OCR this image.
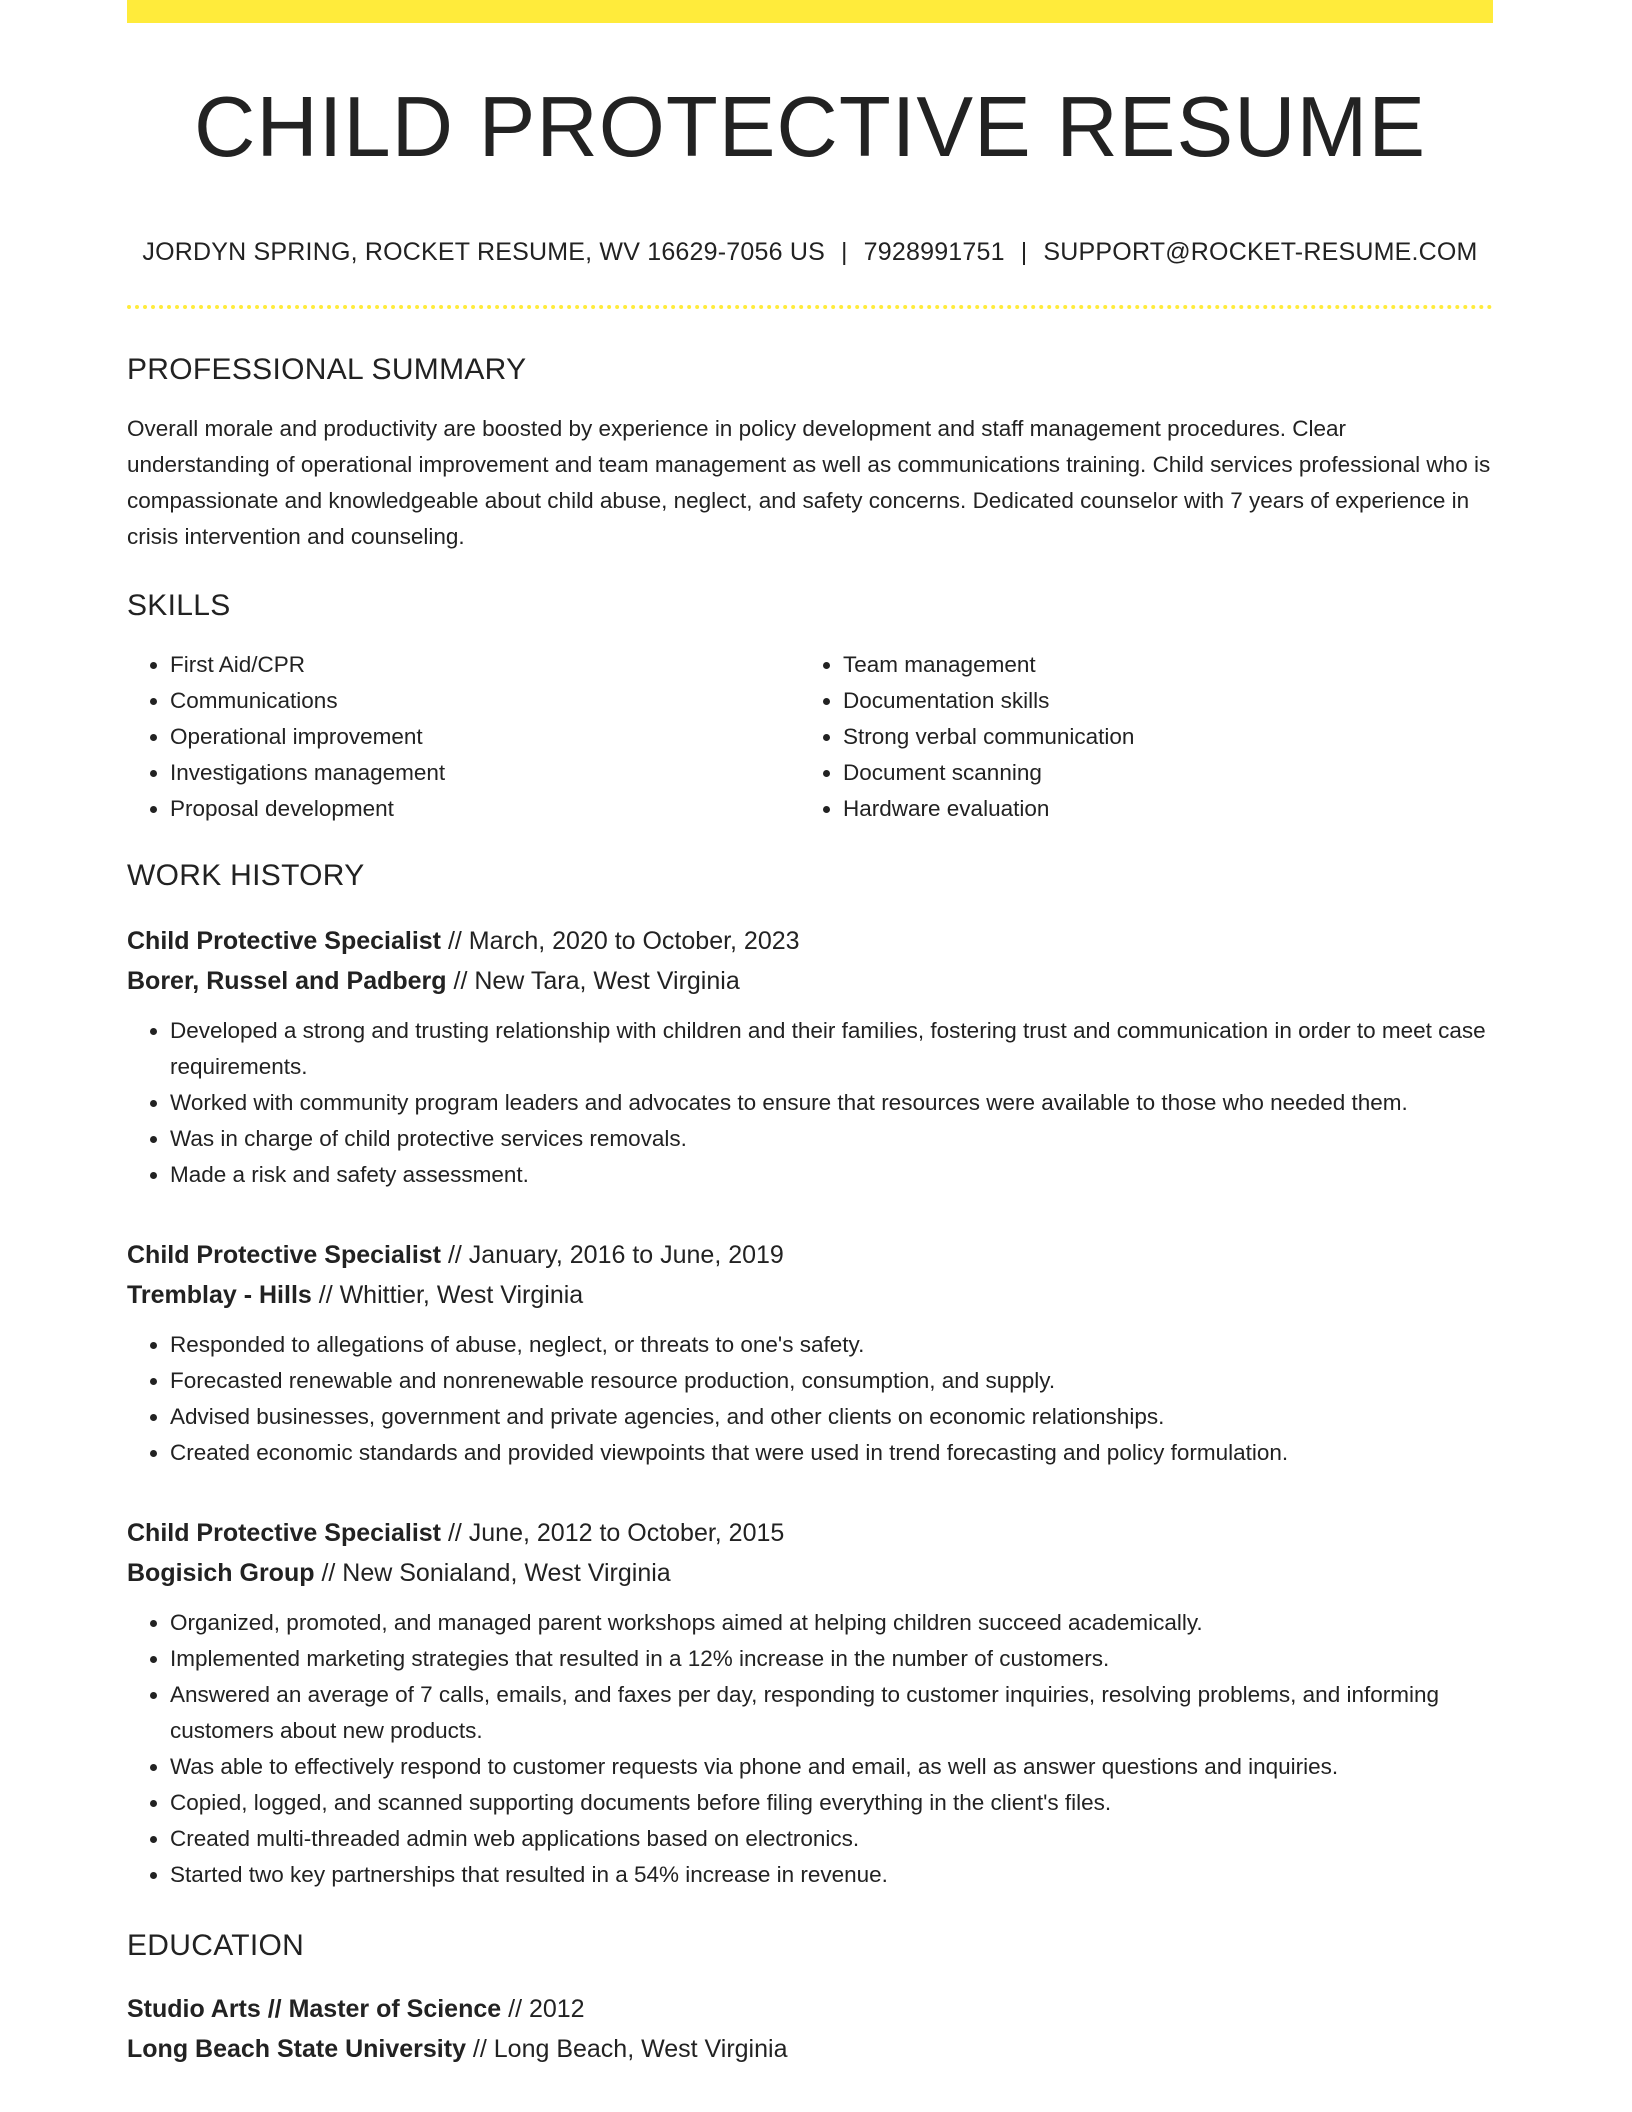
CHILD PROTECTIVE RESUME
JORDYN SPRING, ROCKET RESUME, WV 16629-7056 US | 7928991751 | SUPPORT@ROCKET-RESUME.COM
PROFESSIONAL SUMMARY

Overall morale and productivity are boosted by experience in policy development and staff management procedures. Clear understanding of operational improvement and team management as well as communications training. Child services professional who is compassionate and knowledgeable about child abuse, neglect, and safety concerns. Dedicated counselor with 7 years of experience in crisis intervention and counseling.

SKILLS
• First Aid/CPR
• Communications
• Operational improvement
• Investigations management
• Proposal development
• Team management
• Documentation skills
• Strong verbal communication
• Document scanning
• Hardware evaluation
WORK HISTORY
Child Protective Specialist // March, 2020 to October, 2023
Borer, Russel and Padberg // New Tara, West Virginia
• Developed a strong and trusting relationship with children and their families, fostering trust and communication in order to meet case requirements.
• Worked with community program leaders and advocates to ensure that resources were available to those who needed them.
• Was in charge of child protective services removals.
• Made a risk and safety assessment.
Child Protective Specialist // January, 2016 to June, 2019
Tremblay - Hills // Whittier, West Virginia
• Responded to allegations of abuse, neglect, or threats to one's safety.
• Forecasted renewable and nonrenewable resource production, consumption, and supply.
• Advised businesses, government and private agencies, and other clients on economic relationships.
• Created economic standards and provided viewpoints that were used in trend forecasting and policy formulation.
Child Protective Specialist // June, 2012 to October, 2015
Bogisich Group // New Sonialand, West Virginia
• Organized, promoted, and managed parent workshops aimed at helping children succeed academically.
• Implemented marketing strategies that resulted in a 12% increase in the number of customers.
• Answered an average of 7 calls, emails, and faxes per day, responding to customer inquiries, resolving problems, and informing customers about new products.
• Was able to effectively respond to customer requests via phone and email, as well as answer questions and inquiries.
• Copied, logged, and scanned supporting documents before filing everything in the client's files.
• Created multi-threaded admin web applications based on electronics.
• Started two key partnerships that resulted in a 54% increase in revenue.
EDUCATION
Studio Arts // Master of Science // 2012
Long Beach State University // Long Beach, West Virginia
